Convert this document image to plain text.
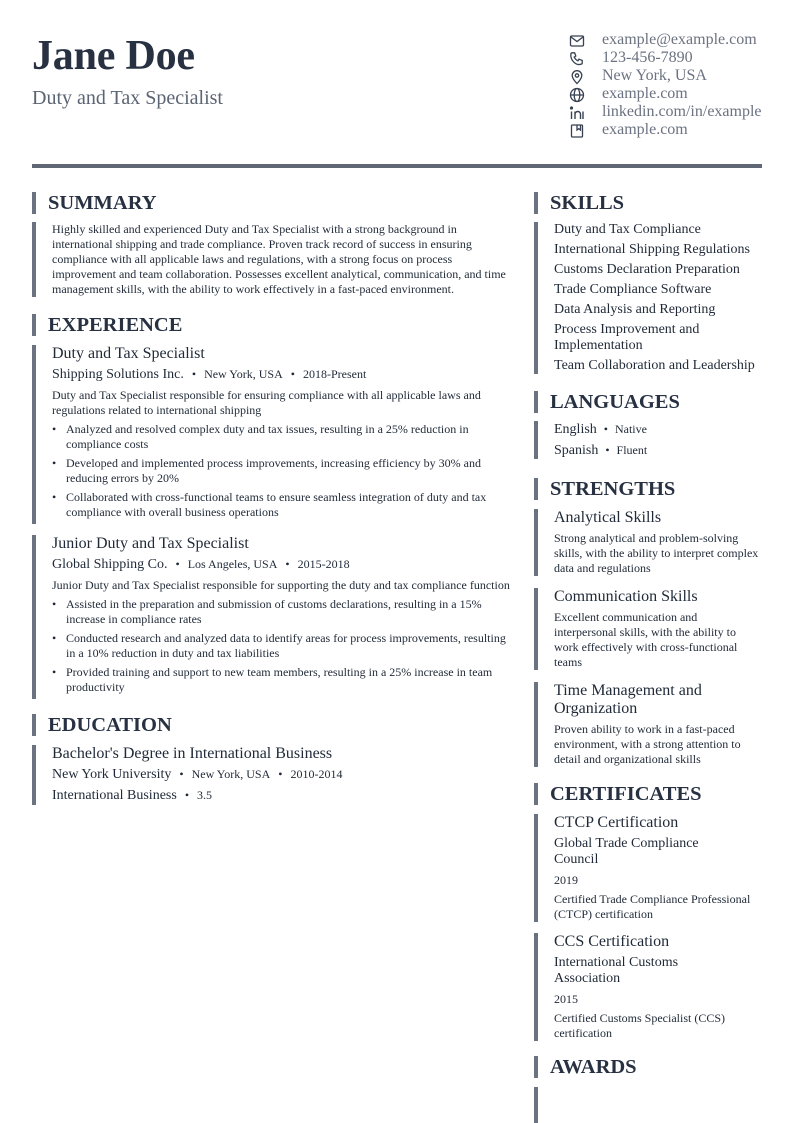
Jane Doe
Duty and Tax Specialist
example@example.com
123-456-7890
New York, USA
example.com
linkedin.com/in/example
example.com
SUMMARY
Highly skilled and experienced Duty and Tax Specialist with a strong background in international shipping and trade compliance. Proven track record of success in ensuring compliance with all applicable laws and regulations, with a strong focus on process improvement and team collaboration. Possesses excellent analytical, communication, and time management skills, with the ability to work effectively in a fast-paced environment.
EXPERIENCE
Duty and Tax Specialist
Shipping Solutions Inc. • New York, USA • 2018-Present
Duty and Tax Specialist responsible for ensuring compliance with all applicable laws and regulations related to international shipping
• Analyzed and resolved complex duty and tax issues, resulting in a 25% reduction in compliance costs
• Developed and implemented process improvements, increasing efficiency by 30% and reducing errors by 20%
• Collaborated with cross-functional teams to ensure seamless integration of duty and tax compliance with overall business operations
Junior Duty and Tax Specialist
Global Shipping Co. • Los Angeles, USA • 2015-2018
Junior Duty and Tax Specialist responsible for supporting the duty and tax compliance function
• Assisted in the preparation and submission of customs declarations, resulting in a 15% increase in compliance rates
• Conducted research and analyzed data to identify areas for process improvements, resulting in a 10% reduction in duty and tax liabilities
• Provided training and support to new team members, resulting in a 25% increase in team productivity
EDUCATION
Bachelor's Degree in International Business
New York University • New York, USA • 2010-2014
International Business • 3.5
SKILLS
Duty and Tax Compliance
International Shipping Regulations
Customs Declaration Preparation
Trade Compliance Software
Data Analysis and Reporting
Process Improvement and Implementation
Team Collaboration and Leadership
LANGUAGES
English • Native
Spanish • Fluent
STRENGTHS
Analytical Skills
Strong analytical and problem-solving skills, with the ability to interpret complex data and regulations
Communication Skills
Excellent communication and interpersonal skills, with the ability to work effectively with cross-functional teams
Time Management and Organization
Proven ability to work in a fast-paced environment, with a strong attention to detail and organizational skills
CERTIFICATES
CTCP Certification
Global Trade Compliance Council
2019
Certified Trade Compliance Professional (CTCP) certification
CCS Certification
International Customs Association
2015
Certified Customs Specialist (CCS) certification
AWARDS
